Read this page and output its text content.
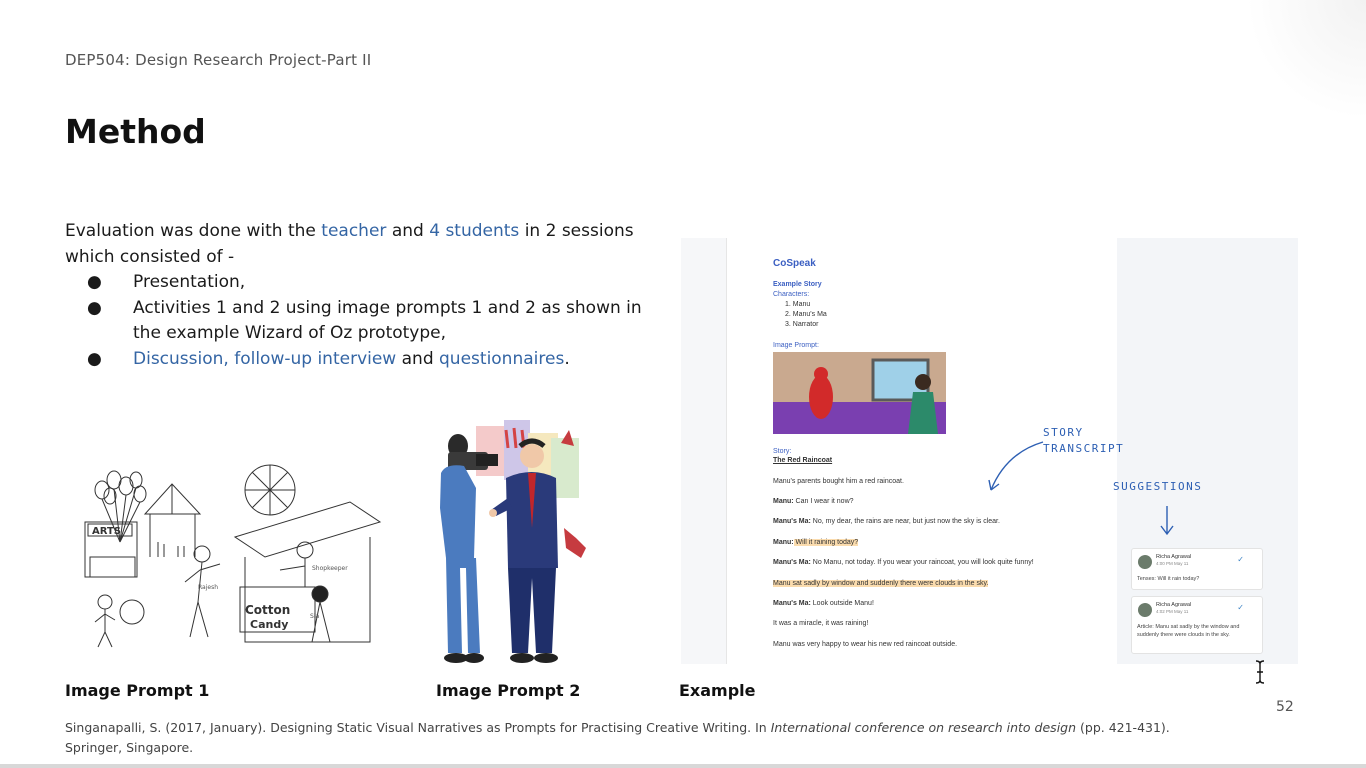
DEP504: Design Research Project-Part II
Method

Evaluation was done with the teacher and 4 students in 2 sessions which consisted of -

● Presentation,
● Activities 1 and 2 using image prompts 1 and 2 as shown in the example Wizard of Oz prototype,
● Discussion, follow-up interview and questionnaires.
ARTS
Cotton
Candy
Rajesh
Shopkeeper
Sia
CoSpeak
Example Story
Characters:
1. Manu
2. Manu's Ma
3. Narrator
Image Prompt:
Story:
The Red Raincoat
Manu's parents bought him a red raincoat.
Manu: Can I wear it now?
Manu's Ma: No, my dear, the rains are near, but just now the sky is clear.
Manu: Will it raining today?
Manu's Ma: No Manu, not today. If you wear your raincoat, you will look quite funny!
Manu sat sadly by window and suddenly there were clouds in the sky.
Manu's Ma: Look outside Manu!
It was a miracle, it was raining!
Manu was very happy to wear his new red raincoat outside.
STORY
TRANSCRIPT
SUGGESTIONS
Richa Agrawal
4:00 PM May 11	✓
Tenses: Will it rain today?
Richa Agrawal
4:02 PM May 11	✓
Article: Manu sat sadly by the window and suddenly there were clouds in the sky.
Image Prompt 1	Image Prompt 2	Example
52
Singanapalli, S. (2017, January). Designing Static Visual Narratives as Prompts for Practising Creative Writing. In International conference on research into design (pp. 421-431). Springer, Singapore.
